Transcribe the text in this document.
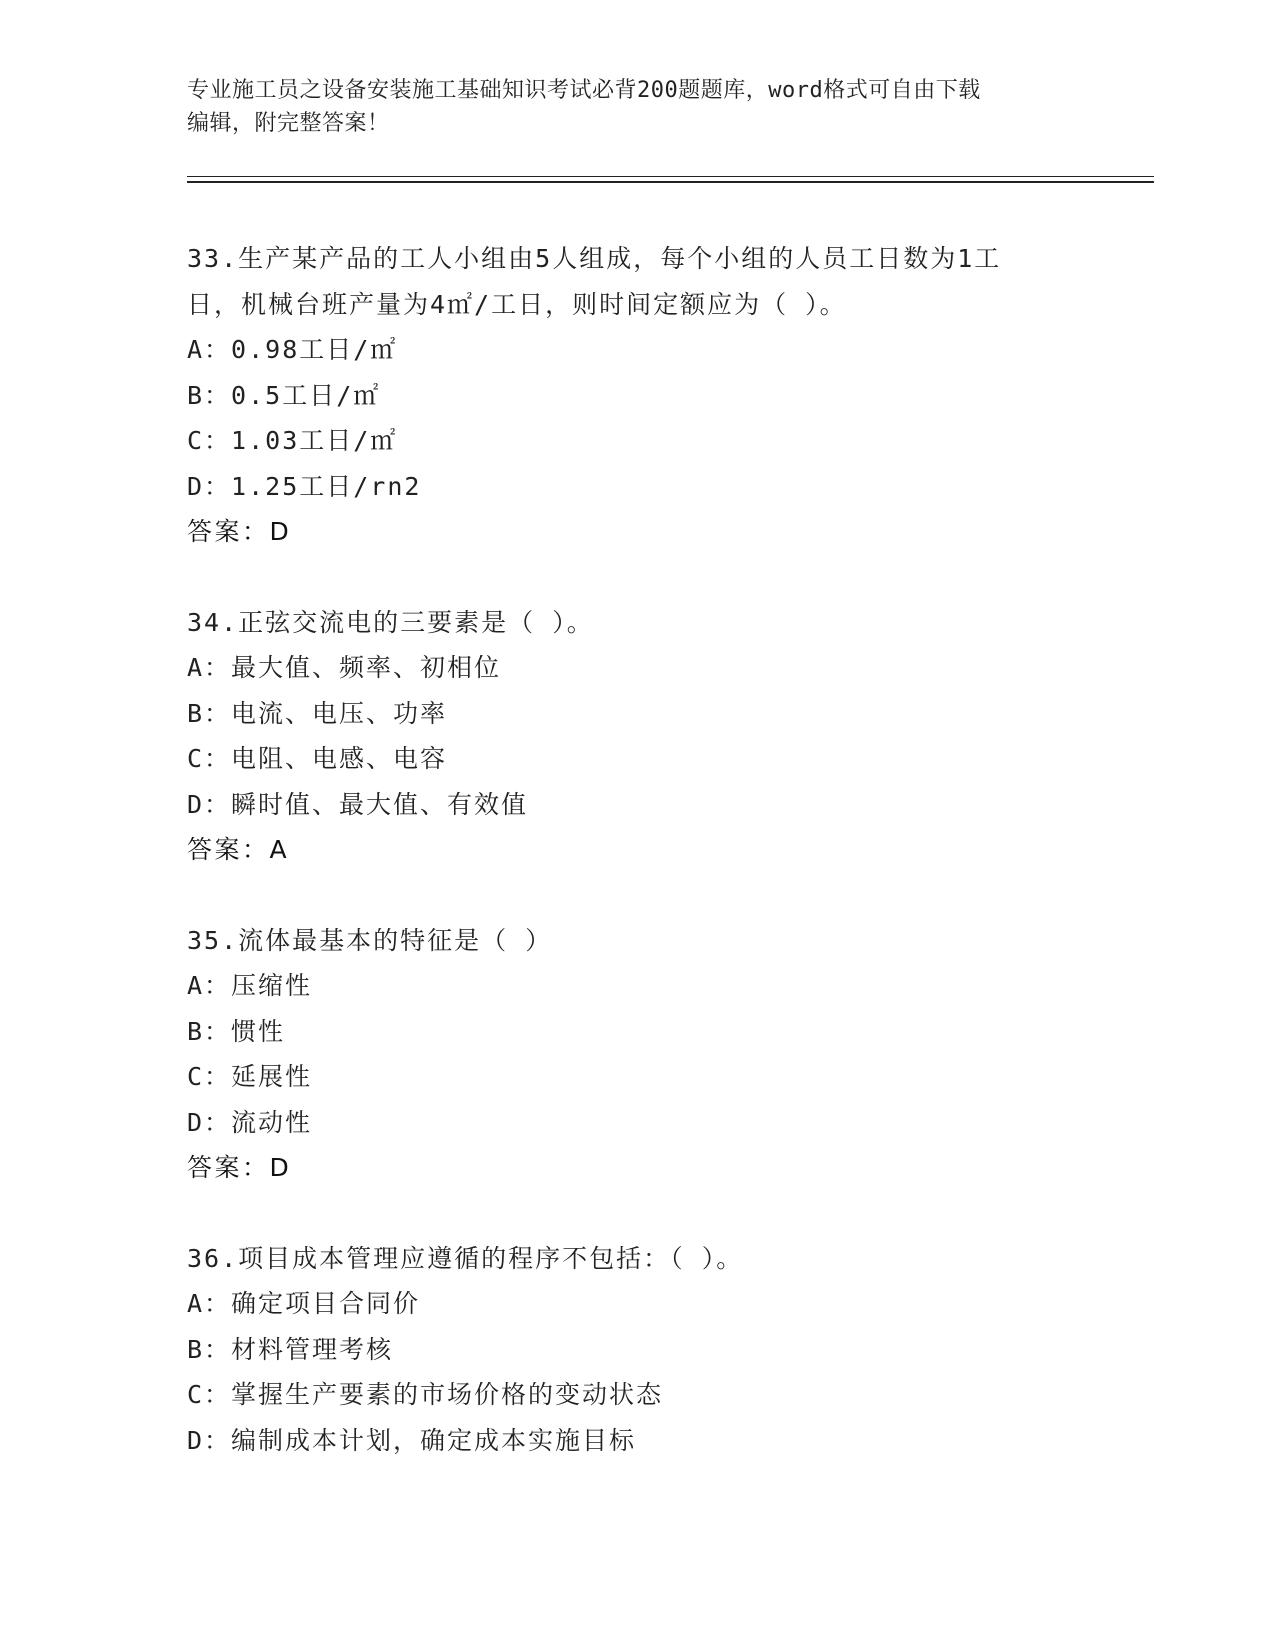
专业施工员之设备安装施工基础知识考试必背200题题库，word格式可自由下载
编辑，附完整答案！
33.生产某产品的工人小组由5人组成，每个小组的人员工日数为1工
日，机械台班产量为4㎡/工日，则时间定额应为（ ）。
A：0.98工日/㎡
B：0.5工日/㎡
C：1.03工日/㎡
D：1.25工日/rn2
答案：D
34.正弦交流电的三要素是（ ）。
A：最大值、频率、初相位
B：电流、电压、功率
C：电阻、电感、电容
D：瞬时值、最大值、有效值
答案：A
35.流体最基本的特征是（ ）
A：压缩性
B：惯性
C：延展性
D：流动性
答案：D
36.项目成本管理应遵循的程序不包括：（ ）。
A：确定项目合同价
B：材料管理考核
C：掌握生产要素的市场价格的变动状态
D：编制成本计划，确定成本实施目标
